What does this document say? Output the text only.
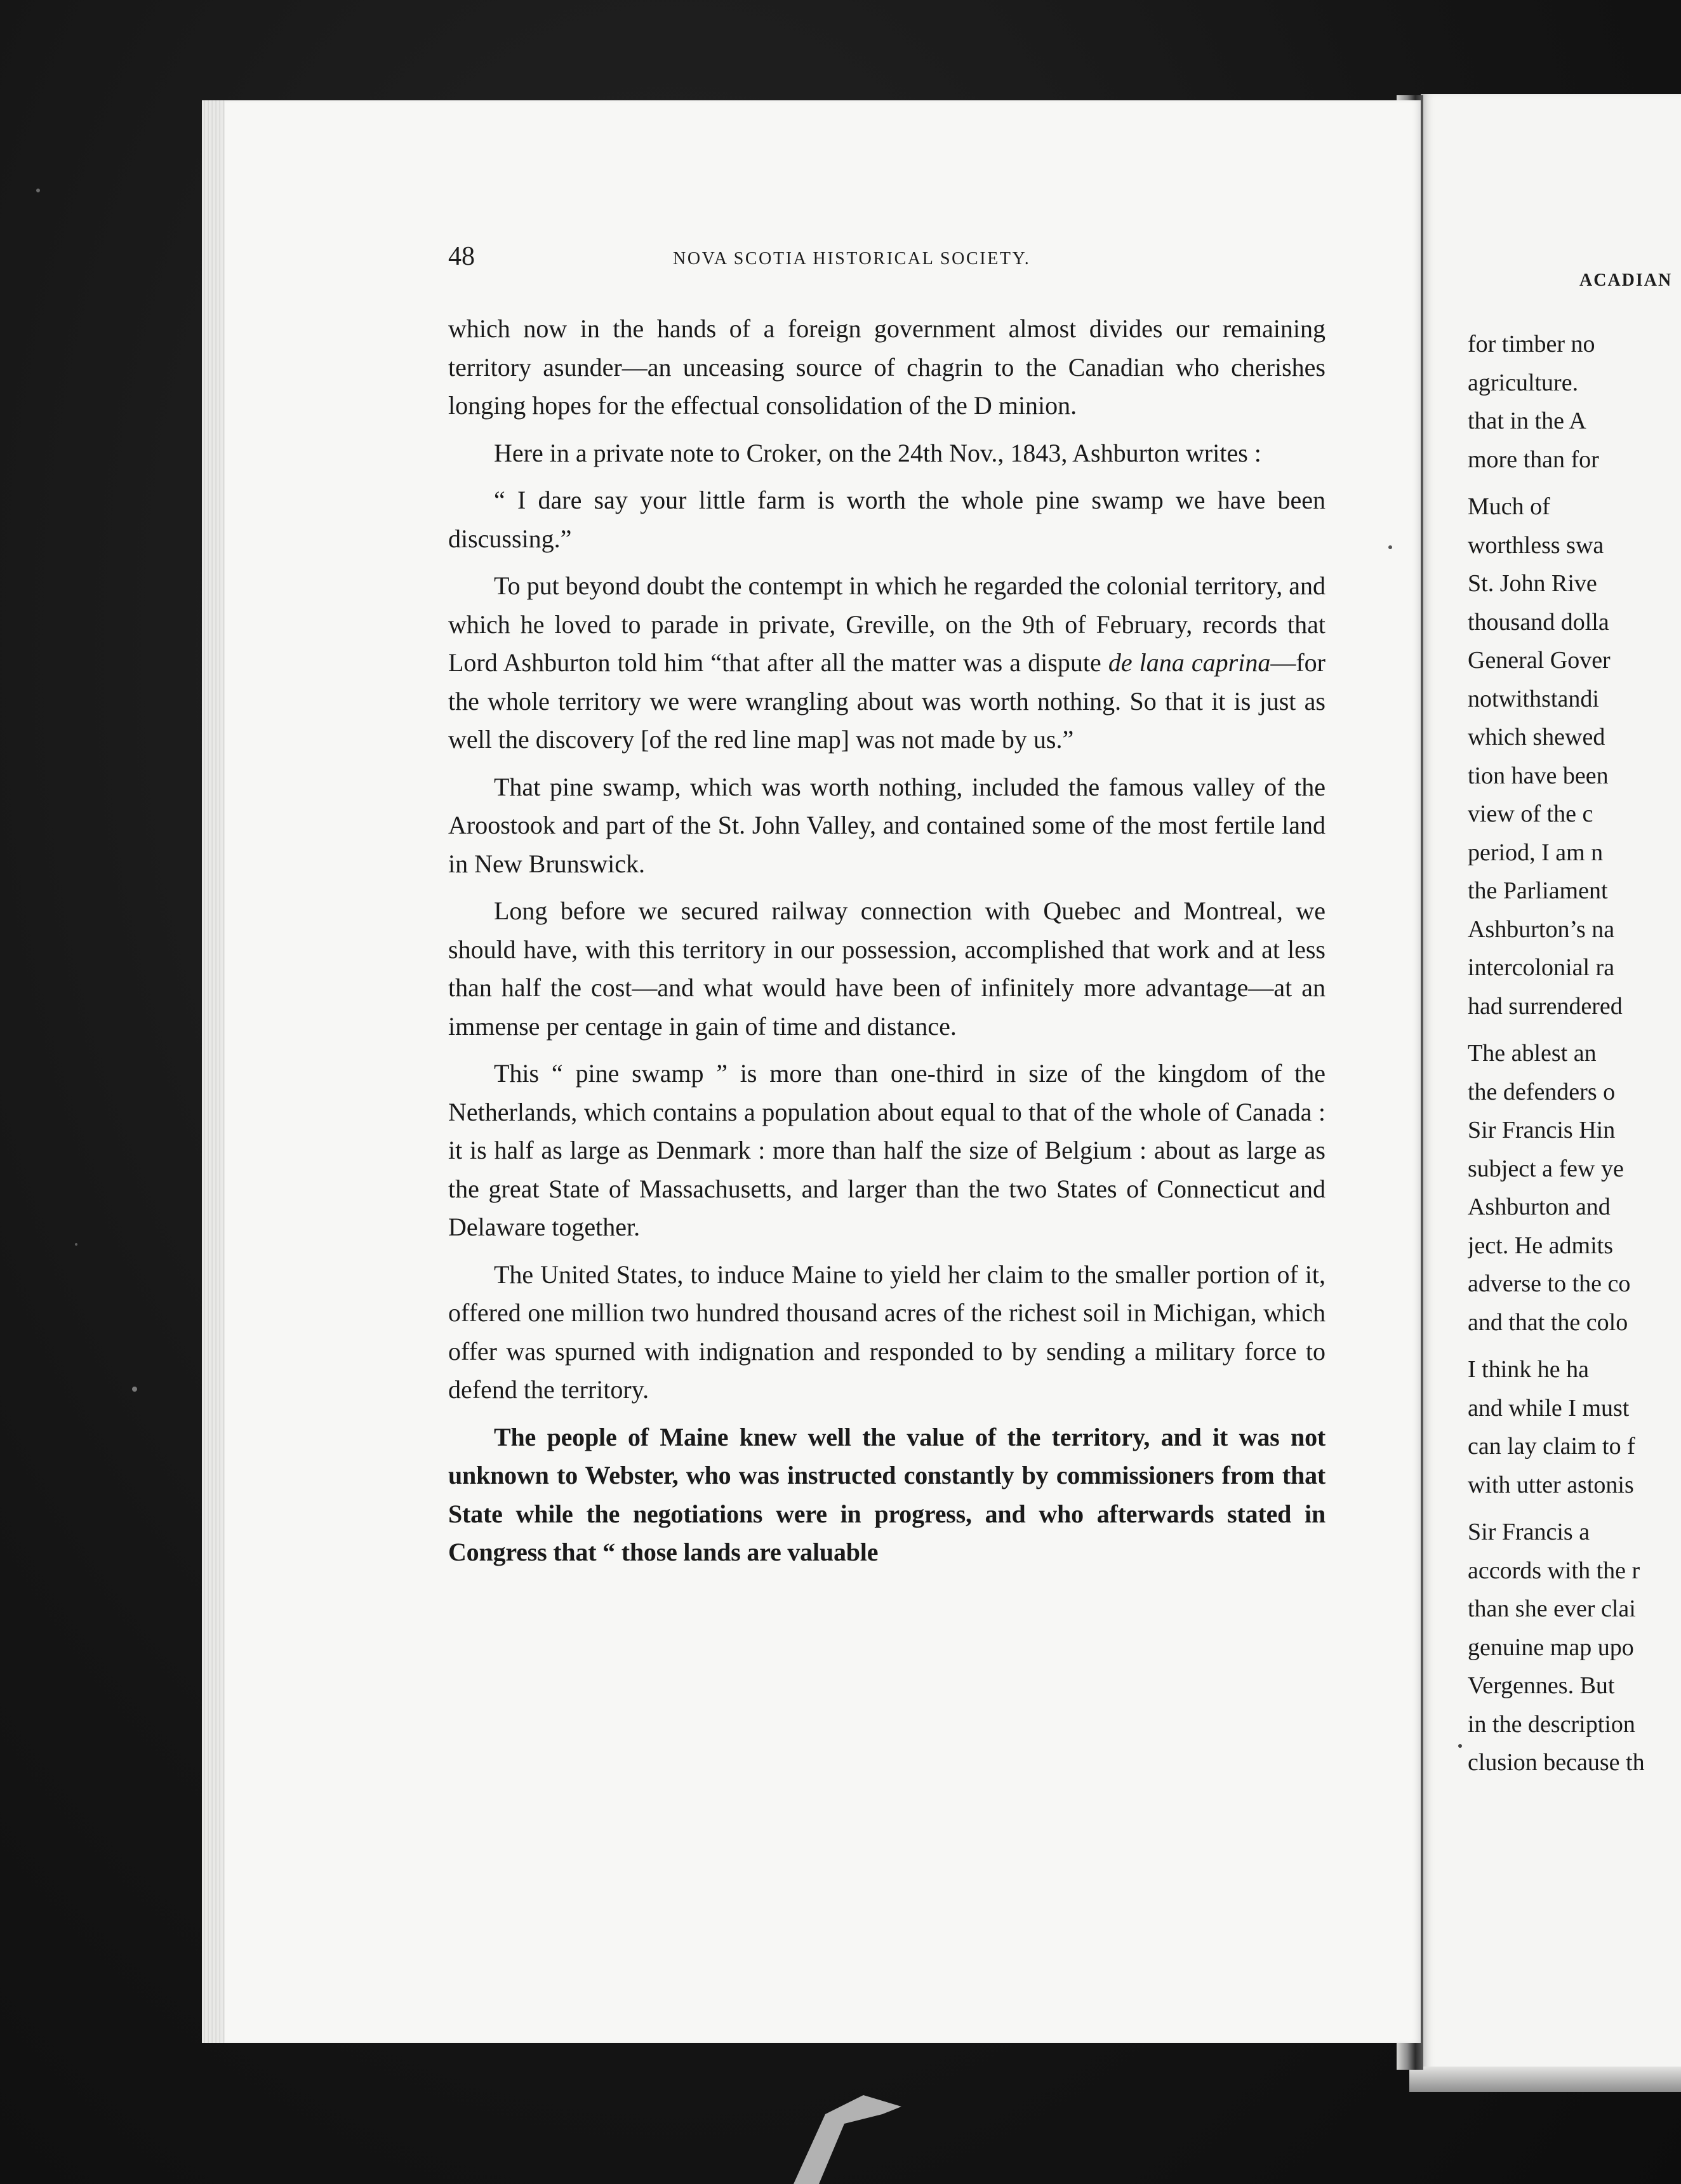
48	NOVA SCOTIA HISTORICAL SOCIETY.

which now in the hands of a foreign government almost divides our remaining territory asunder—an unceasing source of chagrin to the Canadian who cherishes longing hopes for the effectual consolidation of the D minion.

Here in a private note to Croker, on the 24th Nov., 1843, Ashburton writes :

“ I dare say your little farm is worth the whole pine swamp we have been discussing.”

To put beyond doubt the contempt in which he regarded the colonial territory, and which he loved to parade in private, Greville, on the 9th of February, records that Lord Ashburton told him “that after all the matter was a dispute de lana caprina—for the whole territory we were wrangling about was worth nothing. So that it is just as well the discovery [of the red line map] was not made by us.”

That pine swamp, which was worth nothing, included the famous valley of the Aroostook and part of the St. John Valley, and contained some of the most fertile land in New Brunswick.

Long before we secured railway connection with Quebec and Montreal, we should have, with this territory in our possession, accomplished that work and at less than half the cost—and what would have been of infinitely more advantage—at an immense per centage in gain of time and distance.

This “ pine swamp ” is more than one-third in size of the kingdom of the Netherlands, which contains a population about equal to that of the whole of Canada : it is half as large as Denmark : more than half the size of Belgium : about as large as the great State of Massachusetts, and larger than the two States of Connecticut and Delaware together.

The United States, to induce Maine to yield her claim to the smaller portion of it, offered one million two hundred thousand acres of the richest soil in Michigan, which offer was spurned with indignation and responded to by sending a military force to defend the territory.

The people of Maine knew well the value of the territory, and it was not unknown to Webster, who was instructed constantly by commissioners from that State while the negotiations were in progress, and who afterwards stated in Congress that “ those lands are valuable

ACADIAN
for timber no
agriculture.
that in the A
more than for
Much of
worthless swa
St. John Rive
thousand dolla
General Gover
notwithstandi
which shewed
tion have been
view of the c
period, I am n
the Parliament
Ashburton’s na
intercolonial ra
had surrendered
The ablest an
the defenders o
Sir Francis Hin
subject a few ye
Ashburton and
ject. He admits
adverse to the co
and that the colo
I think he ha
and while I must
can lay claim to f
with utter astonis
Sir Francis a
accords with the r
than she ever clai
genuine map upo
Vergennes. But
in the description
clusion because th
